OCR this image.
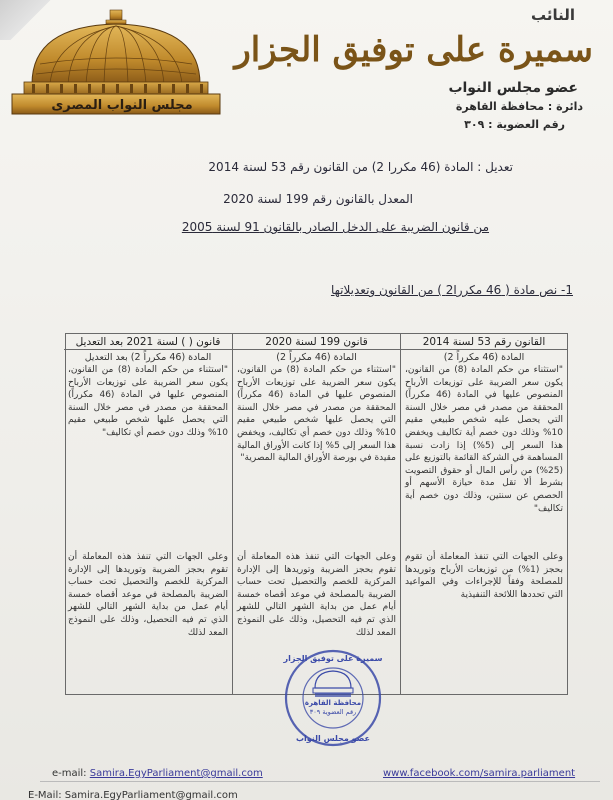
مجلس النواب المصرى
النائب
سميرة على توفيق الجزار
عضو مجلس النواب
دائرة : محافظة القاهرة
رقم العضوية : ٣٠٩
تعديل : المادة (46 مكررا 2) من القانون رقم 53 لسنة 2014
المعدل بالقانون رقم 199 لسنة 2020
من قانون الضريبة على الدخل الصادر بالقانون 91 لسنة 2005
1- نص مادة ( 46 مكررا2 ) من القانون وتعديلاتها
القانون رقم 53 لسنة 2014
المادة (46 مكرراً 2)
"استثناء من حكم المادة (8) من القانون، يكون سعر الضريبة على توزيعات الأرباح المنصوص عليها في المادة (46 مكرراً) المحققة من مصدر في مصر خلال السنة التي يحصل عليه شخص طبيعي مقيم 10% وذلك دون خصم أية تكاليف ويخفض هذا السعر إلى (5%) إذا زادت نسبة المساهمة في الشركة القائمة بالتوزيع على (25%) من رأس المال أو حقوق التصويت بشرط ألا تقل مدة حيازة الأسهم أو الحصص عن سنتين، وذلك دون خصم أية تكاليف"
وعلى الجهات التي تنفذ المعاملة أن تقوم بحجز (1%) من توزيعات الأرباح وتوريدها للمصلحة وفقاً للإجراءات وفي المواعيد التي تحددها اللائحة التنفيذية
قانون 199 لسنة 2020
المادة (46 مكرراً 2)
"استثناء من حكم المادة (8) من القانون، يكون سعر الضريبة على توزيعات الأرباح المنصوص عليها في المادة (46 مكرراً) المحققة من مصدر في مصر خلال السنة التي يحصل عليها شخص طبيعي مقيم 10% وذلك دون خصم أي تكاليف، ويخفض هذا السعر إلى 5% إذا كانت الأوراق المالية مقيدة في بورصة الأوراق المالية المصرية"
وعلى الجهات التي تنفذ هذه المعاملة أن تقوم بحجز الضريبة وتوريدها إلى الإدارة المركزية للخصم والتحصيل تحت حساب الضريبة بالمصلحة في موعد أقصاه خمسة أيام عمل من بداية الشهر التالي للشهر الذي تم فيه التحصيل، وذلك على النموذج المعد لذلك
قانون ( ) لسنة 2021 بعد التعديل
المادة (46 مكرراً 2) بعد التعديل
"استثناء من حكم المادة (8) من القانون، يكون سعر الضريبة على توزيعات الأرباح المنصوص عليها في المادة (46 مكرراً) المحققة من مصدر في مصر خلال السنة التي يحصل عليها شخص طبيعي مقيم 10% وذلك دون خصم أي تكاليف"
وعلى الجهات التي تنفذ هذه المعاملة أن تقوم بحجز الضريبة وتوريدها إلى الإدارة المركزية للخصم والتحصيل تحت حساب الضريبة بالمصلحة في موعد أقصاه خمسة أيام عمل من بداية الشهر التالي للشهر الذي تم فيه التحصيل، وذلك على النموذج المعد لذلك
محافظة القاهرة
رقم العضوية ٣٠٩
سميرة على توفيق الجزار
عضو مجلس النواب
e-mail: Samira.EgyParliament@gmail.com	www.facebook.com/samira.parliament
E-Mail: Samira.EgyParliament@gmail.com
